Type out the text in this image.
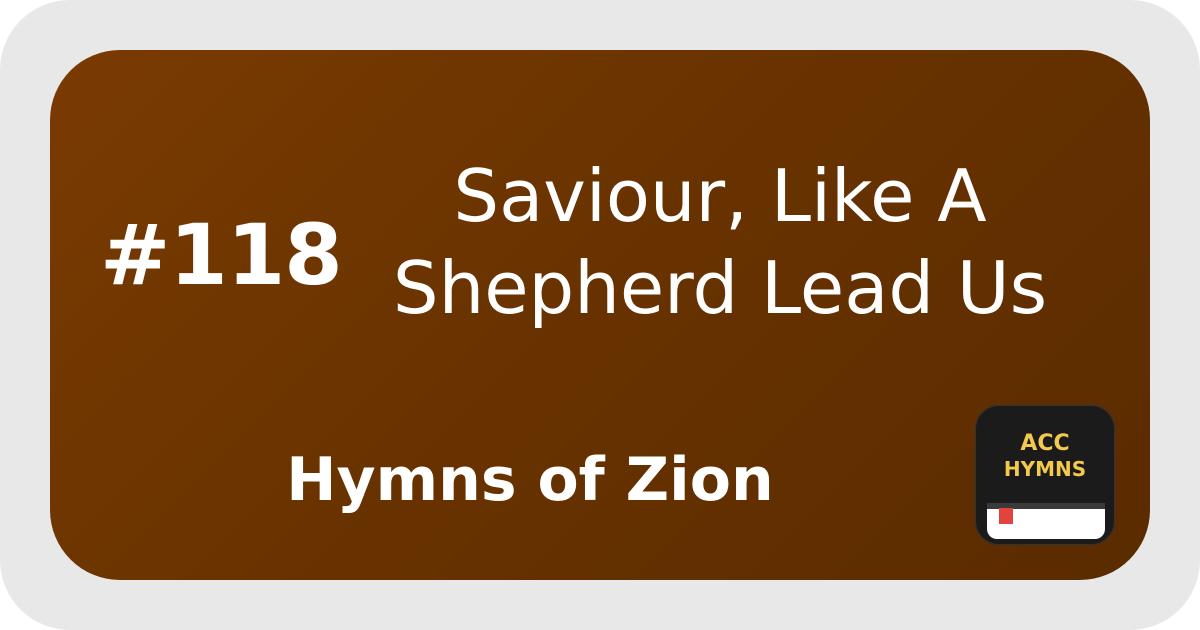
#118
Saviour, Like A
Shepherd Lead Us
Hymns of Zion
ACC
HYMNS
